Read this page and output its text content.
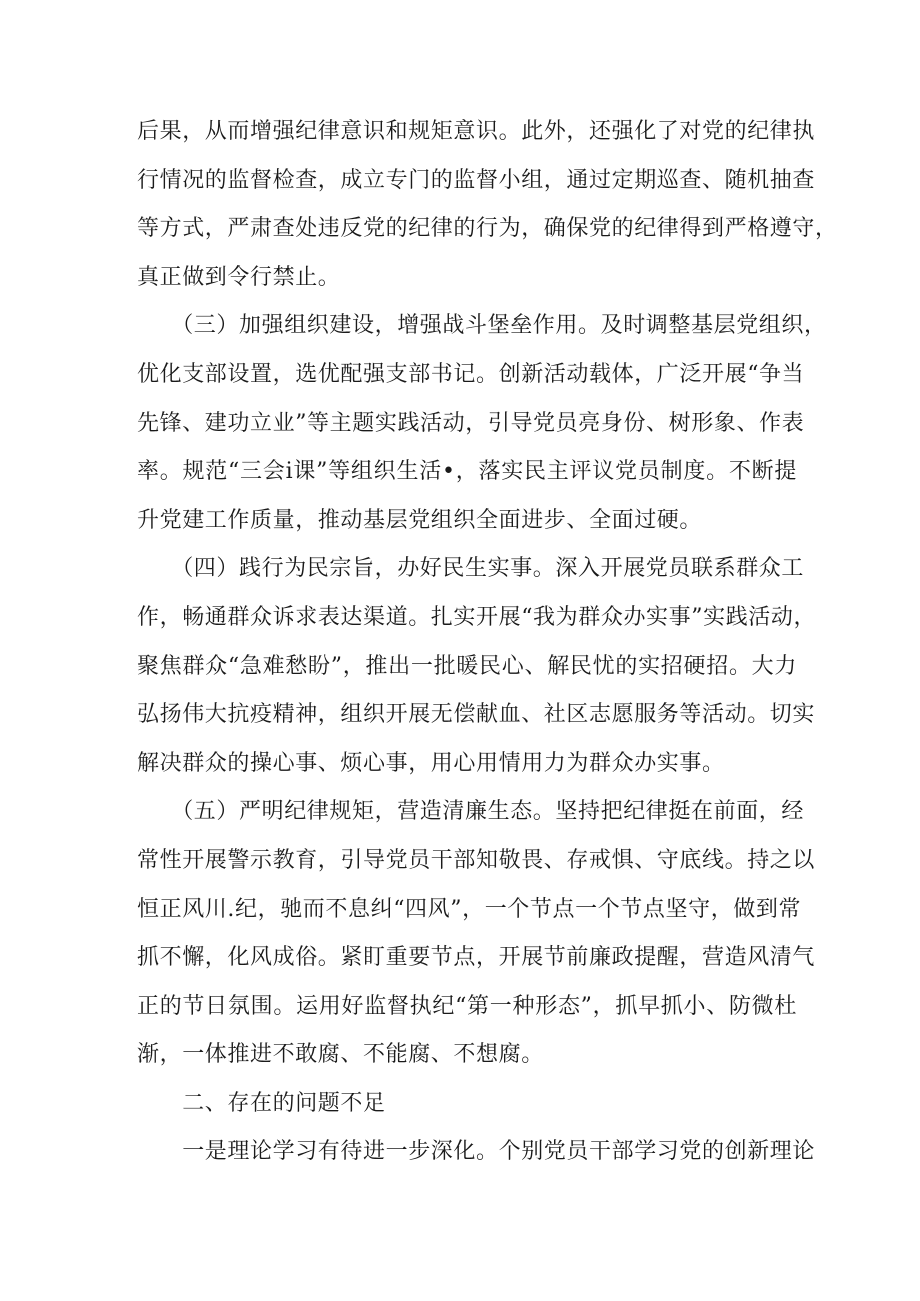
后果，从而增强纪律意识和规矩意识。此外，还强化了对党的纪律执
行情况的监督检查，成立专门的监督小组，通过定期巡查、随机抽查
等方式，严肃查处违反党的纪律的行为，确保党的纪律得到严格遵守，
真正做到令行禁止。
　　（三）加强组织建设，增强战斗堡垒作用。及时调整基层党组织，
优化支部设置，选优配强支部书记。创新活动载体，广泛开展“争当
先锋、建功立业”等主题实践活动，引导党员亮身份、树形象、作表
率。规范“三会i课”等组织生活•，落实民主评议党员制度。不断提
升党建工作质量，推动基层党组织全面进步、全面过硬。
　　（四）践行为民宗旨，办好民生实事。深入开展党员联系群众工
作，畅通群众诉求表达渠道。扎实开展“我为群众办实事”实践活动，
聚焦群众“急难愁盼”，推出一批暖民心、解民忧的实招硬招。大力
弘扬伟大抗疫精神，组织开展无偿献血、社区志愿服务等活动。切实
解决群众的操心事、烦心事，用心用情用力为群众办实事。
　　（五）严明纪律规矩，营造清廉生态。坚持把纪律挺在前面，经
常性开展警示教育，引导党员干部知敬畏、存戒惧、守底线。持之以
恒正风川.纪，驰而不息纠“四风”，一个节点一个节点坚守，做到常
抓不懈，化风成俗。紧盯重要节点，开展节前廉政提醒，营造风清气
正的节日氛围。运用好监督执纪“第一种形态”，抓早抓小、防微杜
渐，一体推进不敢腐、不能腐、不想腐。
　　二、存在的问题不足
　　一是理论学习有待进一步深化。个别党员干部学习党的创新理论
